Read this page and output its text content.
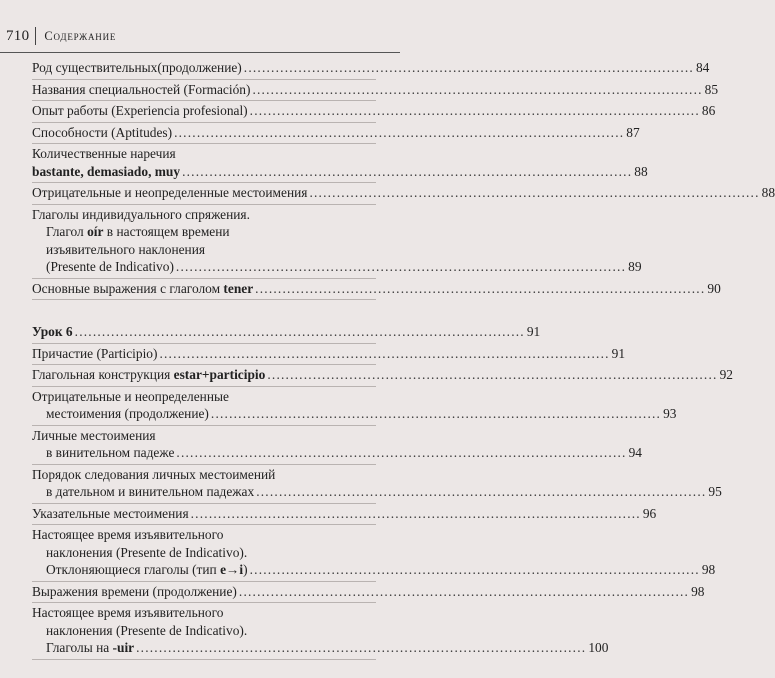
710	Содержание
Род существительных(продолжение) ................................................................................................... 84
Названия специальностей (Formación) ................................................................................................... 85
Опыт работы (Experiencia profesional) ................................................................................................... 86
Способности (Aptitudes) ................................................................................................... 87
Количественные наречия
bastante, demasiado, muy ................................................................................................... 88
Отрицательные и неопределенные местоимения ................................................................................................... 88
Глаголы индивидуального спряжения.
Глагол oír в настоящем времени
изъявительного наклонения
(Presente de Indicativo) ................................................................................................... 89
Основные выражения с глаголом tener ................................................................................................... 90
Урок 6 ................................................................................................... 91
Причастие (Participio) ................................................................................................... 91
Глагольная конструкция estar+participio ................................................................................................... 92
Отрицательные и неопределенные
местоимения (продолжение) ................................................................................................... 93
Личные местоимения
в винительном падеже ................................................................................................... 94
Порядок следования личных местоимений
в дательном и винительном падежах ................................................................................................... 95
Указательные местоимения ................................................................................................... 96
Настоящее время изъявительного
наклонения (Presente de Indicativo).
Отклоняющиеся глаголы (тип e→i) ................................................................................................... 98
Выражения времени (продолжение) ................................................................................................... 98
Настоящее время изъявительного
наклонения (Presente de Indicativo).
Глаголы на -uir ................................................................................................... 100
